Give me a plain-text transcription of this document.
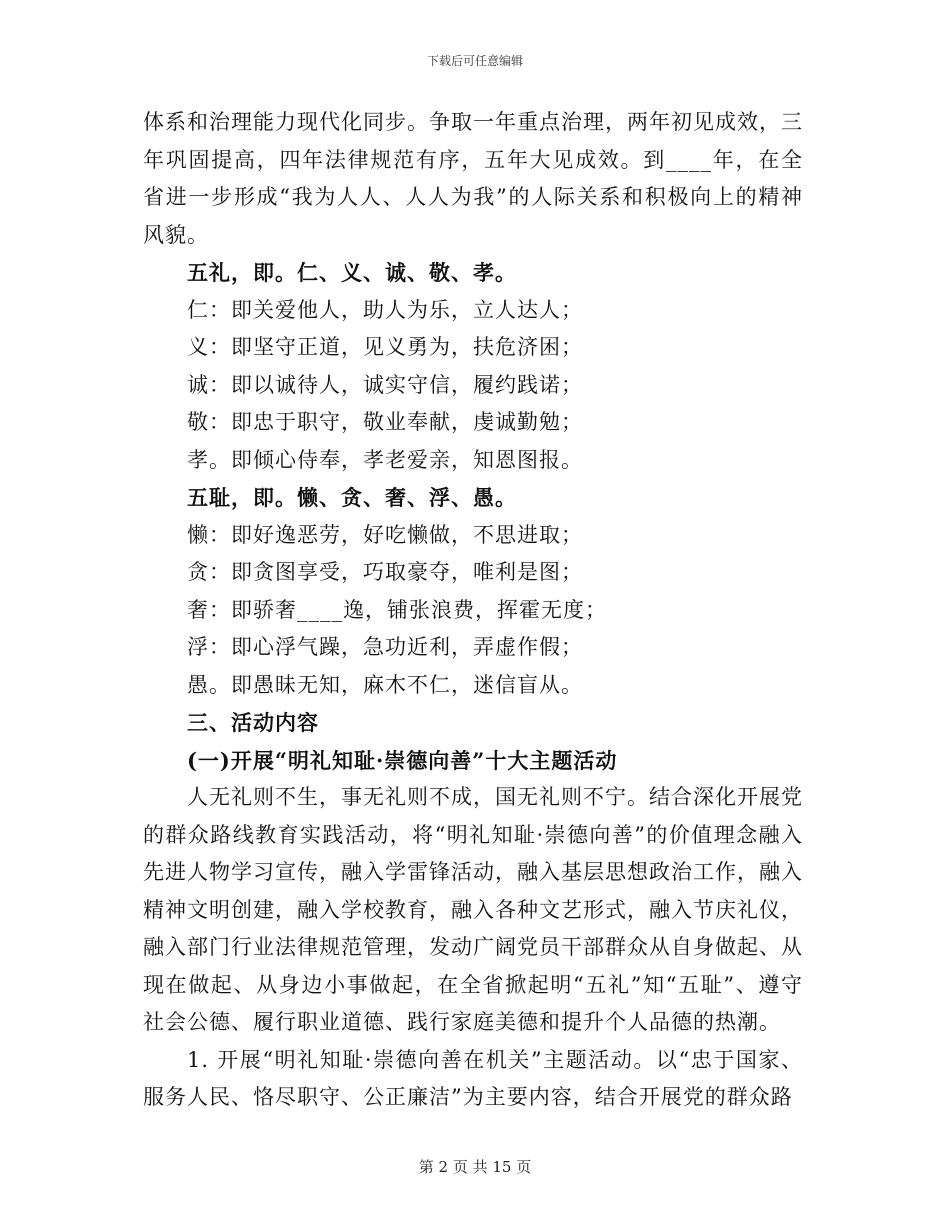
下载后可任意编辑

体系和治理能力现代化同步。争取一年重点治理，两年初见成效，三年巩固提高，四年法律规范有序，五年大见成效。到____年，在全省进一步形成“我为人人、人人为我”的人际关系和积极向上的精神风貌。

五礼，即。仁、义、诚、敬、孝。

仁：即关爱他人，助人为乐，立人达人；

义：即坚守正道，见义勇为，扶危济困；

诚：即以诚待人，诚实守信，履约践诺；

敬：即忠于职守，敬业奉献，虔诚勤勉；

孝。即倾心侍奉，孝老爱亲，知恩图报。

五耻，即。懒、贪、奢、浮、愚。

懒：即好逸恶劳，好吃懒做，不思进取；

贪：即贪图享受，巧取豪夺，唯利是图；

奢：即骄奢____逸，铺张浪费，挥霍无度；

浮：即心浮气躁，急功近利，弄虚作假；

愚。即愚昧无知，麻木不仁，迷信盲从。

三、活动内容

(一)开展“明礼知耻·崇德向善”十大主题活动

人无礼则不生，事无礼则不成，国无礼则不宁。结合深化开展党的群众路线教育实践活动，将“明礼知耻·崇德向善”的价值理念融入先进人物学习宣传，融入学雷锋活动，融入基层思想政治工作，融入精神文明创建，融入学校教育，融入各种文艺形式，融入节庆礼仪，融入部门行业法律规范管理，发动广阔党员干部群众从自身做起、从现在做起、从身边小事做起，在全省掀起明“五礼”知“五耻”、遵守社会公德、履行职业道德、践行家庭美德和提升个人品德的热潮。

1. 开展“明礼知耻·崇德向善在机关”主题活动。以“忠于国家、服务人民、恪尽职守、公正廉洁”为主要内容，结合开展党的群众路

第 2 页 共 15 页
